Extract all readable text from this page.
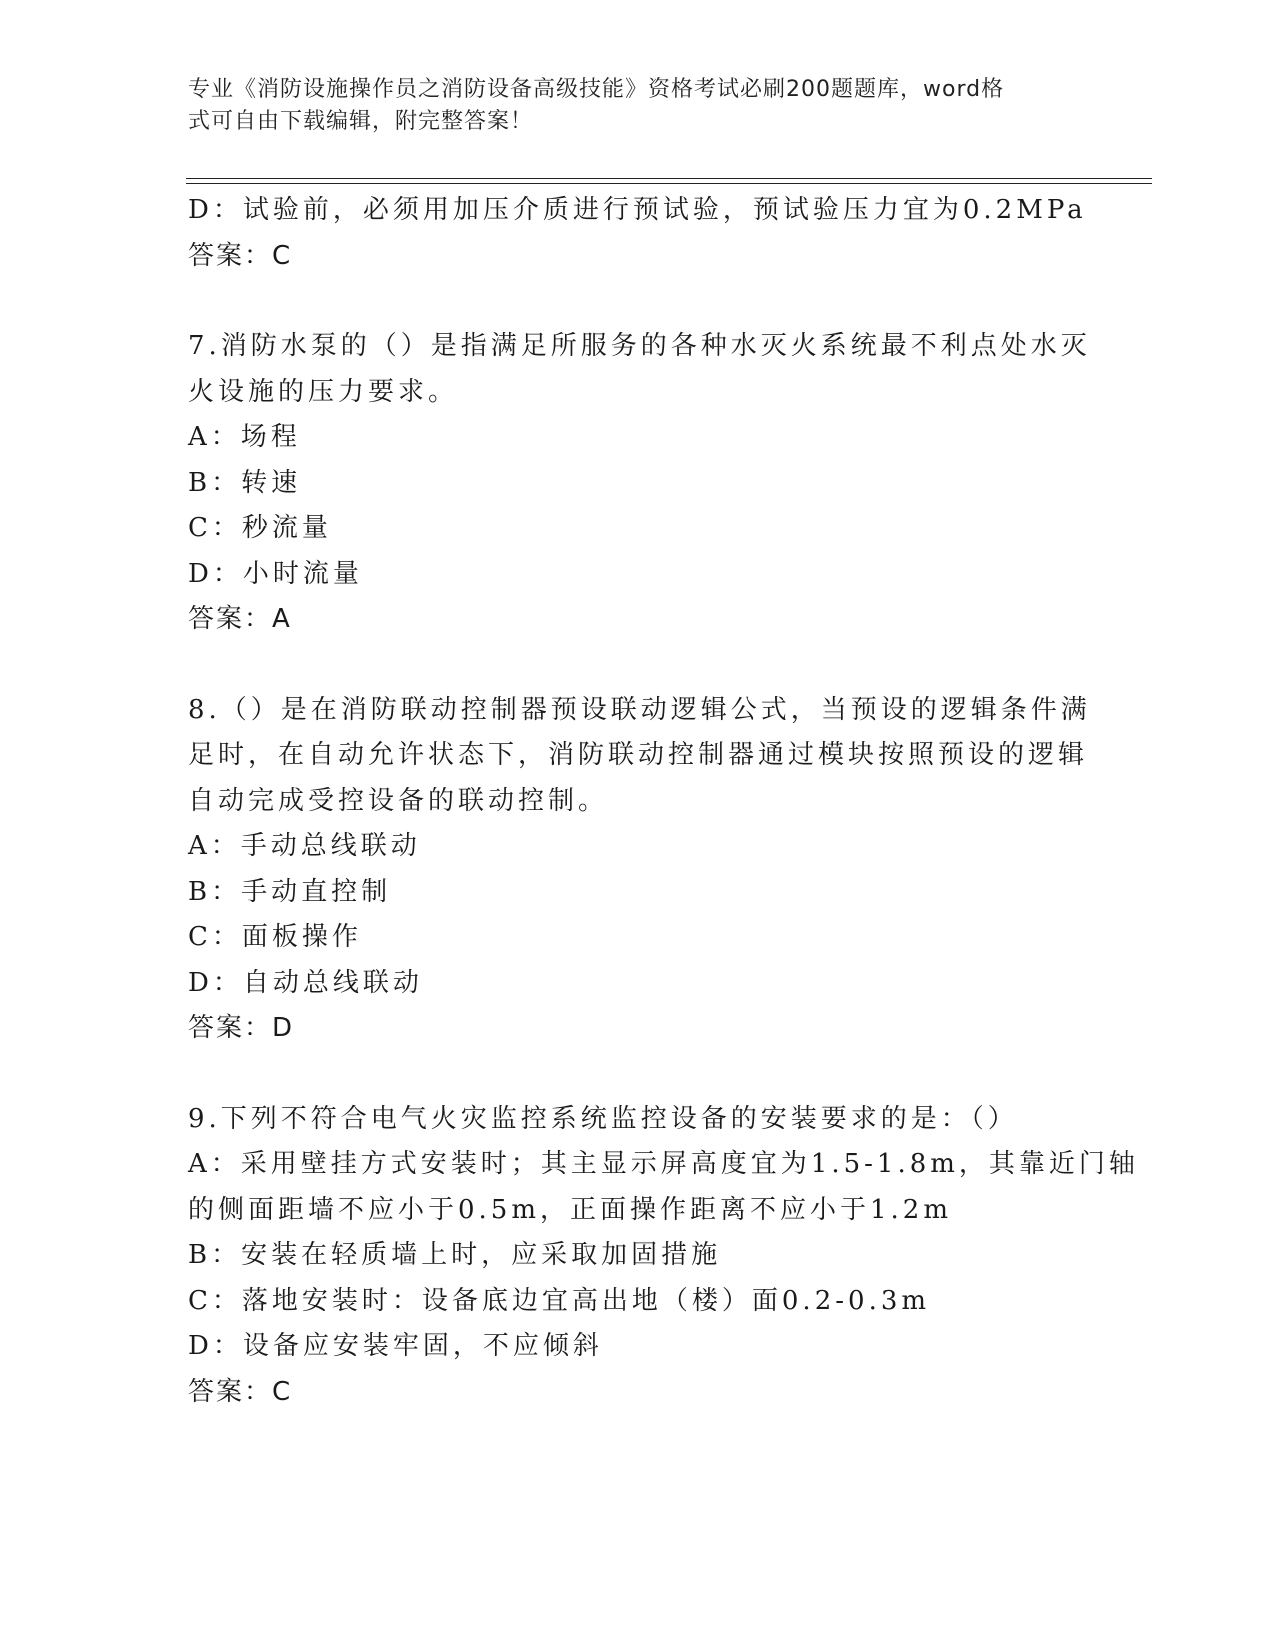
专业《消防设施操作员之消防设备高级技能》资格考试必刷200题题库，word格
式可自由下载编辑，附完整答案！
D：试验前，必须用加压介质进行预试验，预试验压力宜为0.2MPa
答案：C
7.消防水泵的（）是指满足所服务的各种水灭火系统最不利点处水灭
火设施的压力要求。
A：场程
B：转速
C：秒流量
D：小时流量
答案：A
8.（）是在消防联动控制器预设联动逻辑公式，当预设的逻辑条件满
足时，在自动允许状态下，消防联动控制器通过模块按照预设的逻辑
自动完成受控设备的联动控制。
A：手动总线联动
B：手动直控制
C：面板操作
D：自动总线联动
答案：D
9.下列不符合电气火灾监控系统监控设备的安装要求的是：（）
A：采用壁挂方式安装时；其主显示屏高度宜为1.5-1.8m，其靠近门轴
的侧面距墙不应小于0.5m，正面操作距离不应小于1.2m
B：安装在轻质墙上时，应采取加固措施
C：落地安装时：设备底边宜高出地（楼）面0.2-0.3m
D：设备应安装牢固，不应倾斜
答案：C
